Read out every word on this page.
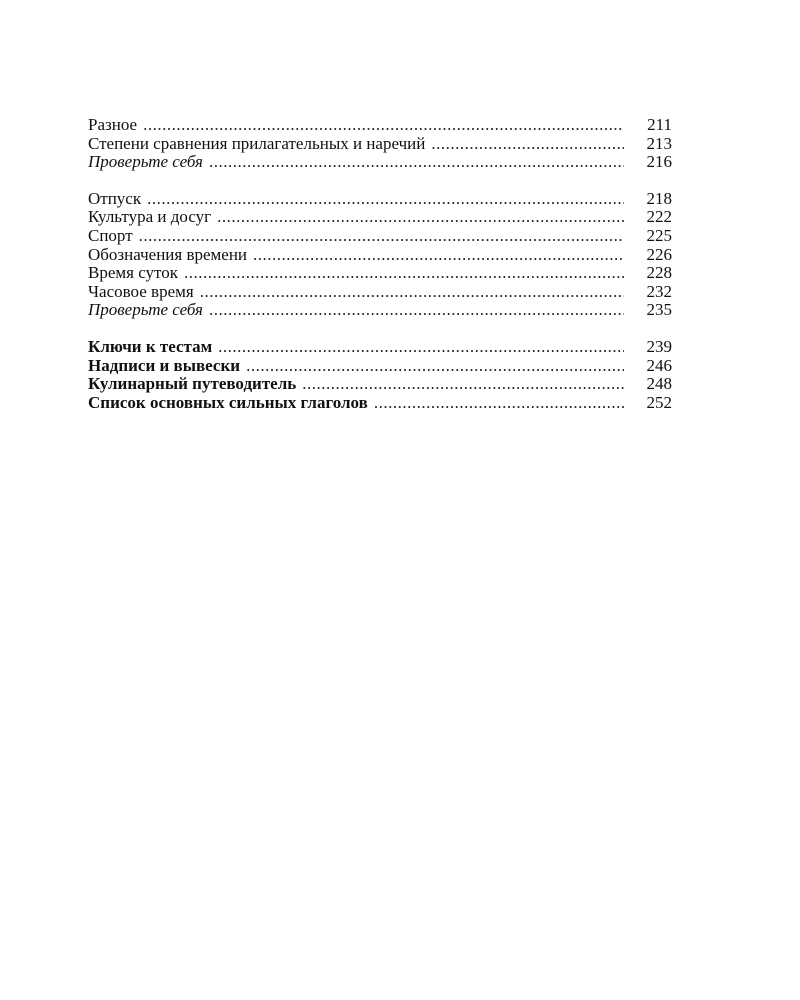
Разное .....	211
Степени сравнения прилагательных и наречий .....	213
Проверьте себя .....	216
Отпуск .....	218
Культура и досуг .....	222
Спорт .....	225
Обозначения времени .....	226
Время суток .....	228
Часовое время .....	232
Проверьте себя .....	235
Ключи к тестам .....	239
Надписи и вывески .....	246
Кулинарный путеводитель .....	248
Список основных сильных глаголов .....	252
